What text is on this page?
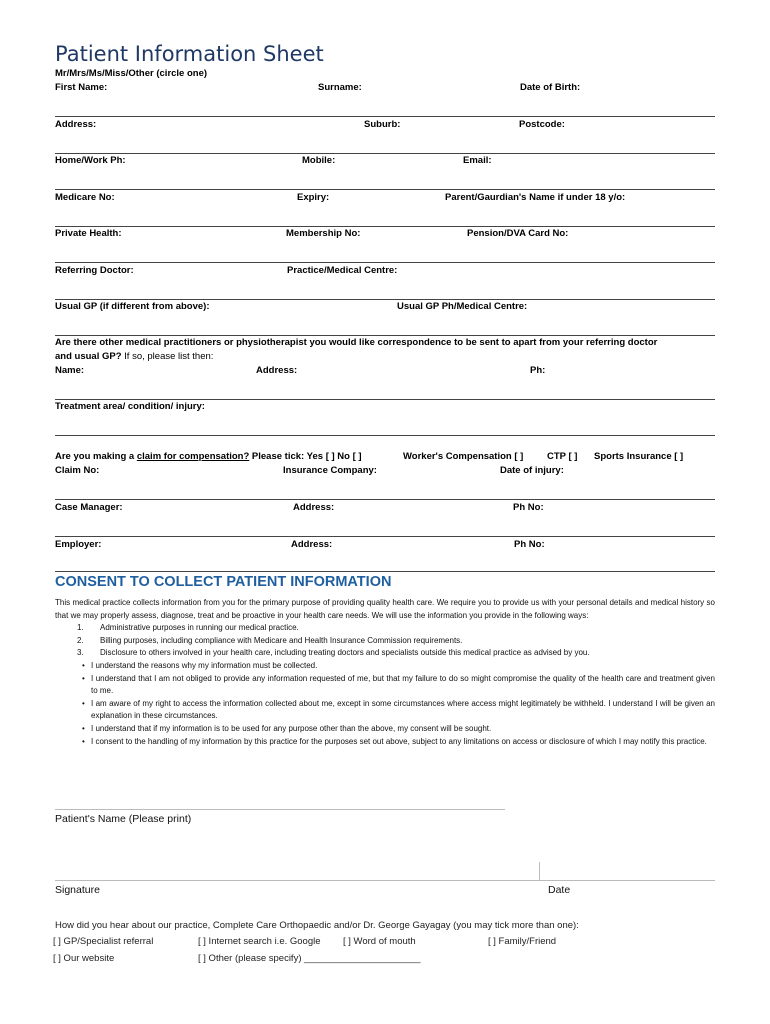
Patient Information Sheet
Mr/Mrs/Ms/Miss/Other (circle one)
First Name:	Surname:	Date of Birth:
Address:	Suburb:	Postcode:
Home/Work Ph:	Mobile:	Email:
Medicare No:	Expiry:	Parent/Gaurdian's Name if under 18 y/o:
Private Health:	Membership No:	Pension/DVA Card No:
Referring Doctor:	Practice/Medical Centre:
Usual GP (if different from above):	Usual GP Ph/Medical Centre:
Are there other medical practitioners or physiotherapist you would like correspondence to be sent to apart from your referring doctor
and usual GP? If so, please list then:
Name:	Address:	Ph:
Treatment area/ condition/ injury:
Are you making a claim for compensation? Please tick: Yes [ ] No [ ]	Worker's Compensation [ ] CTP [ ] Sports Insurance [ ]
Claim No:	Insurance Company:	Date of injury:
Case Manager:	Address:	Ph No:
Employer:	Address:	Ph No:
CONSENT TO COLLECT PATIENT INFORMATION

This medical practice collects information from you for the primary purpose of providing quality health care. We require you to provide us with your personal details and medical history so that we may properly assess, diagnose, treat and be proactive in your health care needs. We will use the information you provide in the following ways:

1.	Administrative purposes in running our medical practice.

2.	Billing purposes, including compliance with Medicare and Health Insurance Commission requirements.

3.	Disclosure to others involved in your health care, including treating doctors and specialists outside this medical practice as advised by you.

• I understand the reasons why my information must be collected.

• I understand that I am not obliged to provide any information requested of me, but that my failure to do so might compromise the quality of the health care and treatment given to me.

• I am aware of my right to access the information collected about me, except in some circumstances where access might legitimately be withheld. I understand I will be given an explanation in these circumstances.

• I understand that if my information is to be used for any purpose other than the above, my consent will be sought.

• I consent to the handling of my information by this practice for the purposes set out above, subject to any limitations on access or disclosure of which I may notify this practice.

Patient's Name (Please print)
Signature	Date
How did you hear about our practice, Complete Care Orthopaedic and/or Dr. George Gayagay (you may tick more than one):
[ ] GP/Specialist referral	[ ] Internet search i.e. Google [ ] Word of mouth	[ ] Family/Friend
[ ] Our website	[ ] Other (please specify) ______________________
